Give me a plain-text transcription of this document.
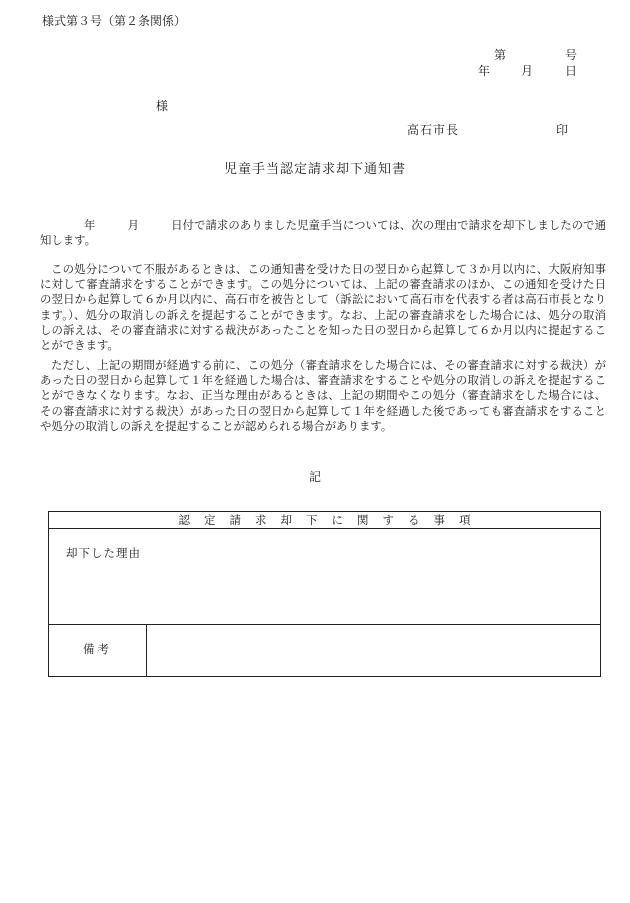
様式第３号（第２条関係）
第	号
年	月	日
様
高石市長	印
児童手当認定請求却下通知書
年	月	日付で請求のありました児童手当については、次の理由で請求を却下しましたので通知します。
この処分について不服があるときは、この通知書を受けた日の翌日から起算して３か月以内に、大阪府知事に対して審査請求をすることができます。この処分については、上記の審査請求のほか、この通知を受けた日の翌日から起算して６か月以内に、高石市を被告として（訴訟において高石市を代表する者は高石市長となります。）、処分の取消しの訴えを提起することができます。なお、上記の審査請求をした場合には、処分の取消しの訴えは、その審査請求に対する裁決があったことを知った日の翌日から起算して６か月以内に提起することができます。
ただし、上記の期間が経過する前に、この処分（審査請求をした場合には、その審査請求に対する裁決）があった日の翌日から起算して１年を経過した場合は、審査請求をすることや処分の取消しの訴えを提起することができなくなります。なお、正当な理由があるときは、上記の期間やこの処分（審査請求をした場合には、その審査請求に対する裁決）があった日の翌日から起算して１年を経過した後であっても審査請求をすることや処分の取消しの訴えを提起することが認められる場合があります。
記
認定請求却下に関する事項
却下した理由
備考
